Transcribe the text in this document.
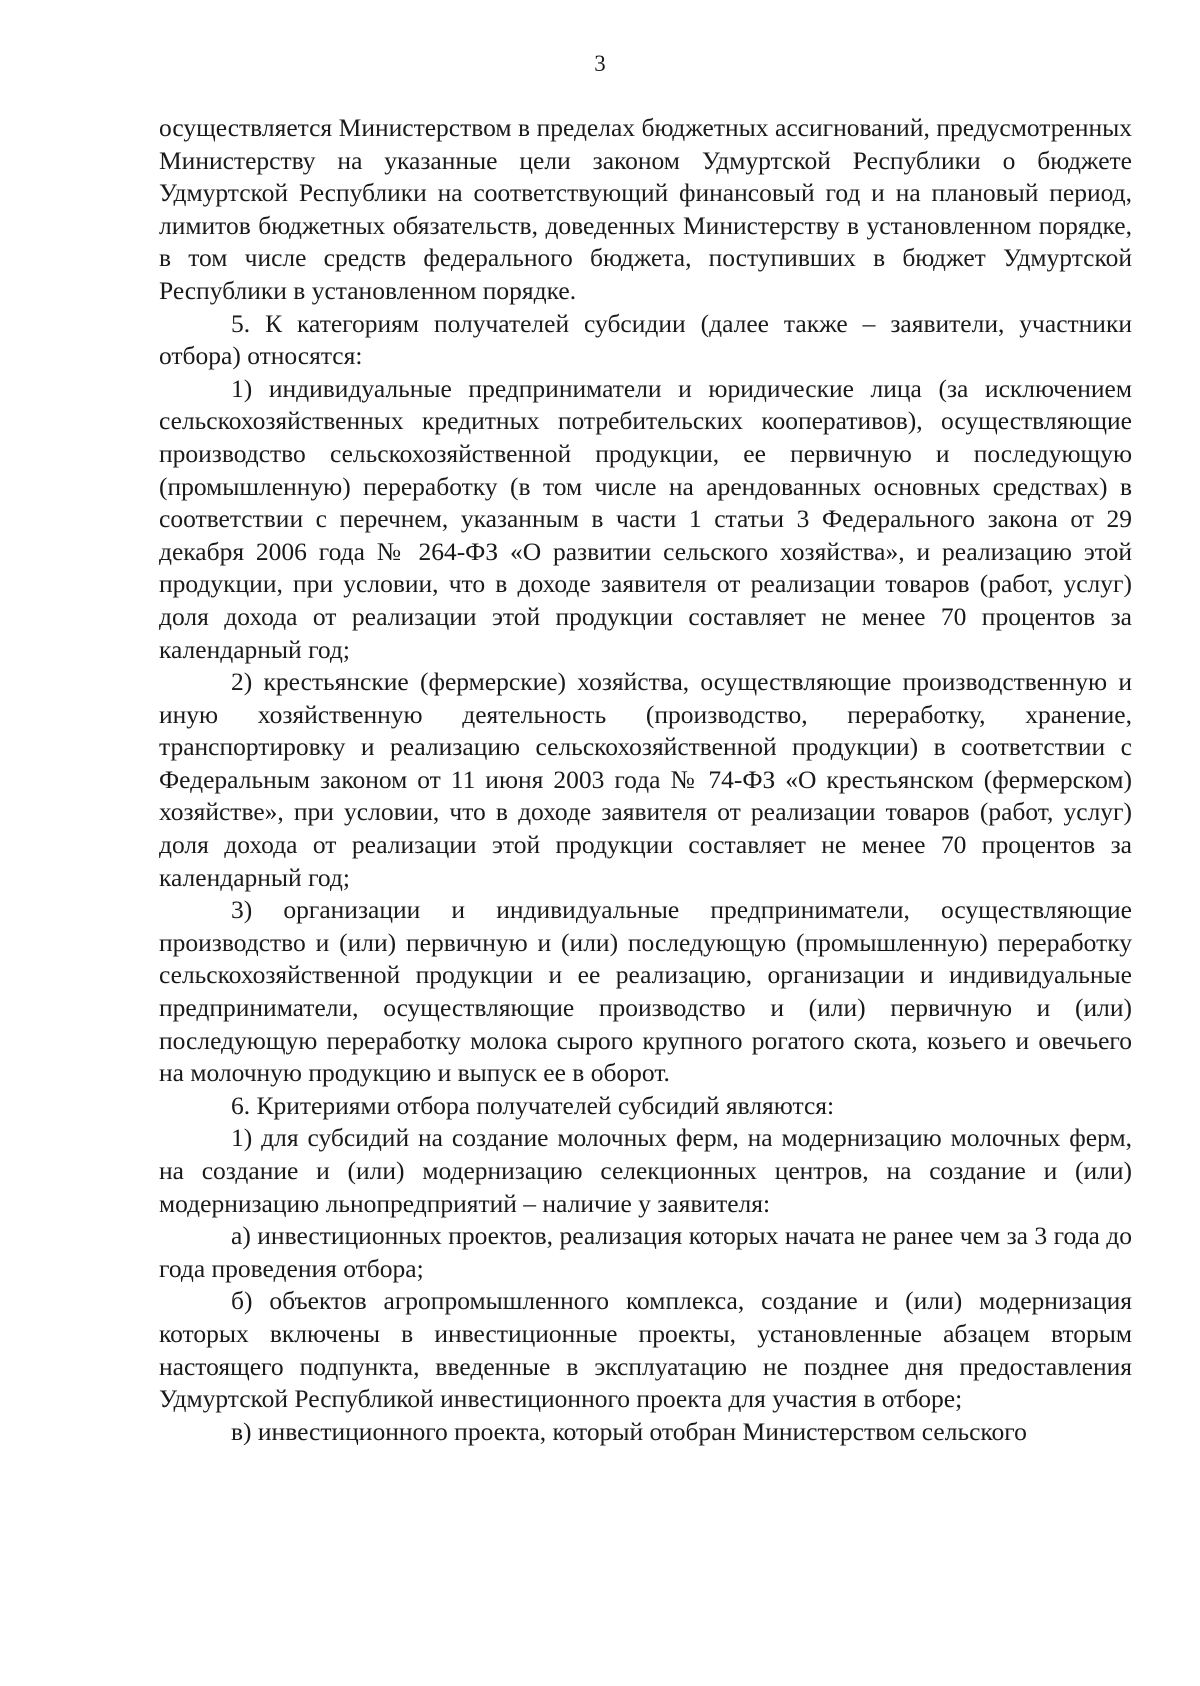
3

осуществляется Министерством в пределах бюджетных ассигнований, предусмотренных Министерству на указанные цели законом Удмуртской Республики о бюджете Удмуртской Республики на соответствующий финансовый год и на плановый период, лимитов бюджетных обязательств, доведенных Министерству в установленном порядке, в том числе средств федерального бюджета, поступивших в бюджет Удмуртской Республики в установленном порядке.

5. К категориям получателей субсидии (далее также – заявители, участники отбора) относятся:

1) индивидуальные предприниматели и юридические лица (за исключением сельскохозяйственных кредитных потребительских кооперативов), осуществляющие производство сельскохозяйственной продукции, ее первичную и последующую (промышленную) переработку (в том числе на арендованных основных средствах) в соответствии с перечнем, указанным в части 1 статьи 3 Федерального закона от 29 декабря 2006 года № 264-ФЗ «О развитии сельского хозяйства», и реализацию этой продукции, при условии, что в доходе заявителя от реализации товаров (работ, услуг) доля дохода от реализации этой продукции составляет не менее 70 процентов за календарный год;

2) крестьянские (фермерские) хозяйства, осуществляющие производственную и иную хозяйственную деятельность (производство, переработку, хранение, транспортировку и реализацию сельскохозяйственной продукции) в соответствии с Федеральным законом от 11 июня 2003 года № 74-ФЗ «О крестьянском (фермерском) хозяйстве», при условии, что в доходе заявителя от реализации товаров (работ, услуг) доля дохода от реализации этой продукции составляет не менее 70 процентов за календарный год;

3) организации и индивидуальные предприниматели, осуществляющие производство и (или) первичную и (или) последующую (промышленную) переработку сельскохозяйственной продукции и ее реализацию, организации и индивидуальные предприниматели, осуществляющие производство и (или) первичную и (или) последующую переработку молока сырого крупного рогатого скота, козьего и овечьего на молочную продукцию и выпуск ее в оборот.

6. Критериями отбора получателей субсидий являются:

1) для субсидий на создание молочных ферм, на модернизацию молочных ферм, на создание и (или) модернизацию селекционных центров, на создание и (или) модернизацию льнопредприятий – наличие у заявителя:

а) инвестиционных проектов, реализация которых начата не ранее чем за 3 года до года проведения отбора;

б) объектов агропромышленного комплекса, создание и (или) модернизация которых включены в инвестиционные проекты, установленные абзацем вторым настоящего подпункта, введенные в эксплуатацию не позднее дня предоставления Удмуртской Республикой инвестиционного проекта для участия в отборе;

в) инвестиционного проекта, который отобран Министерством сельского
